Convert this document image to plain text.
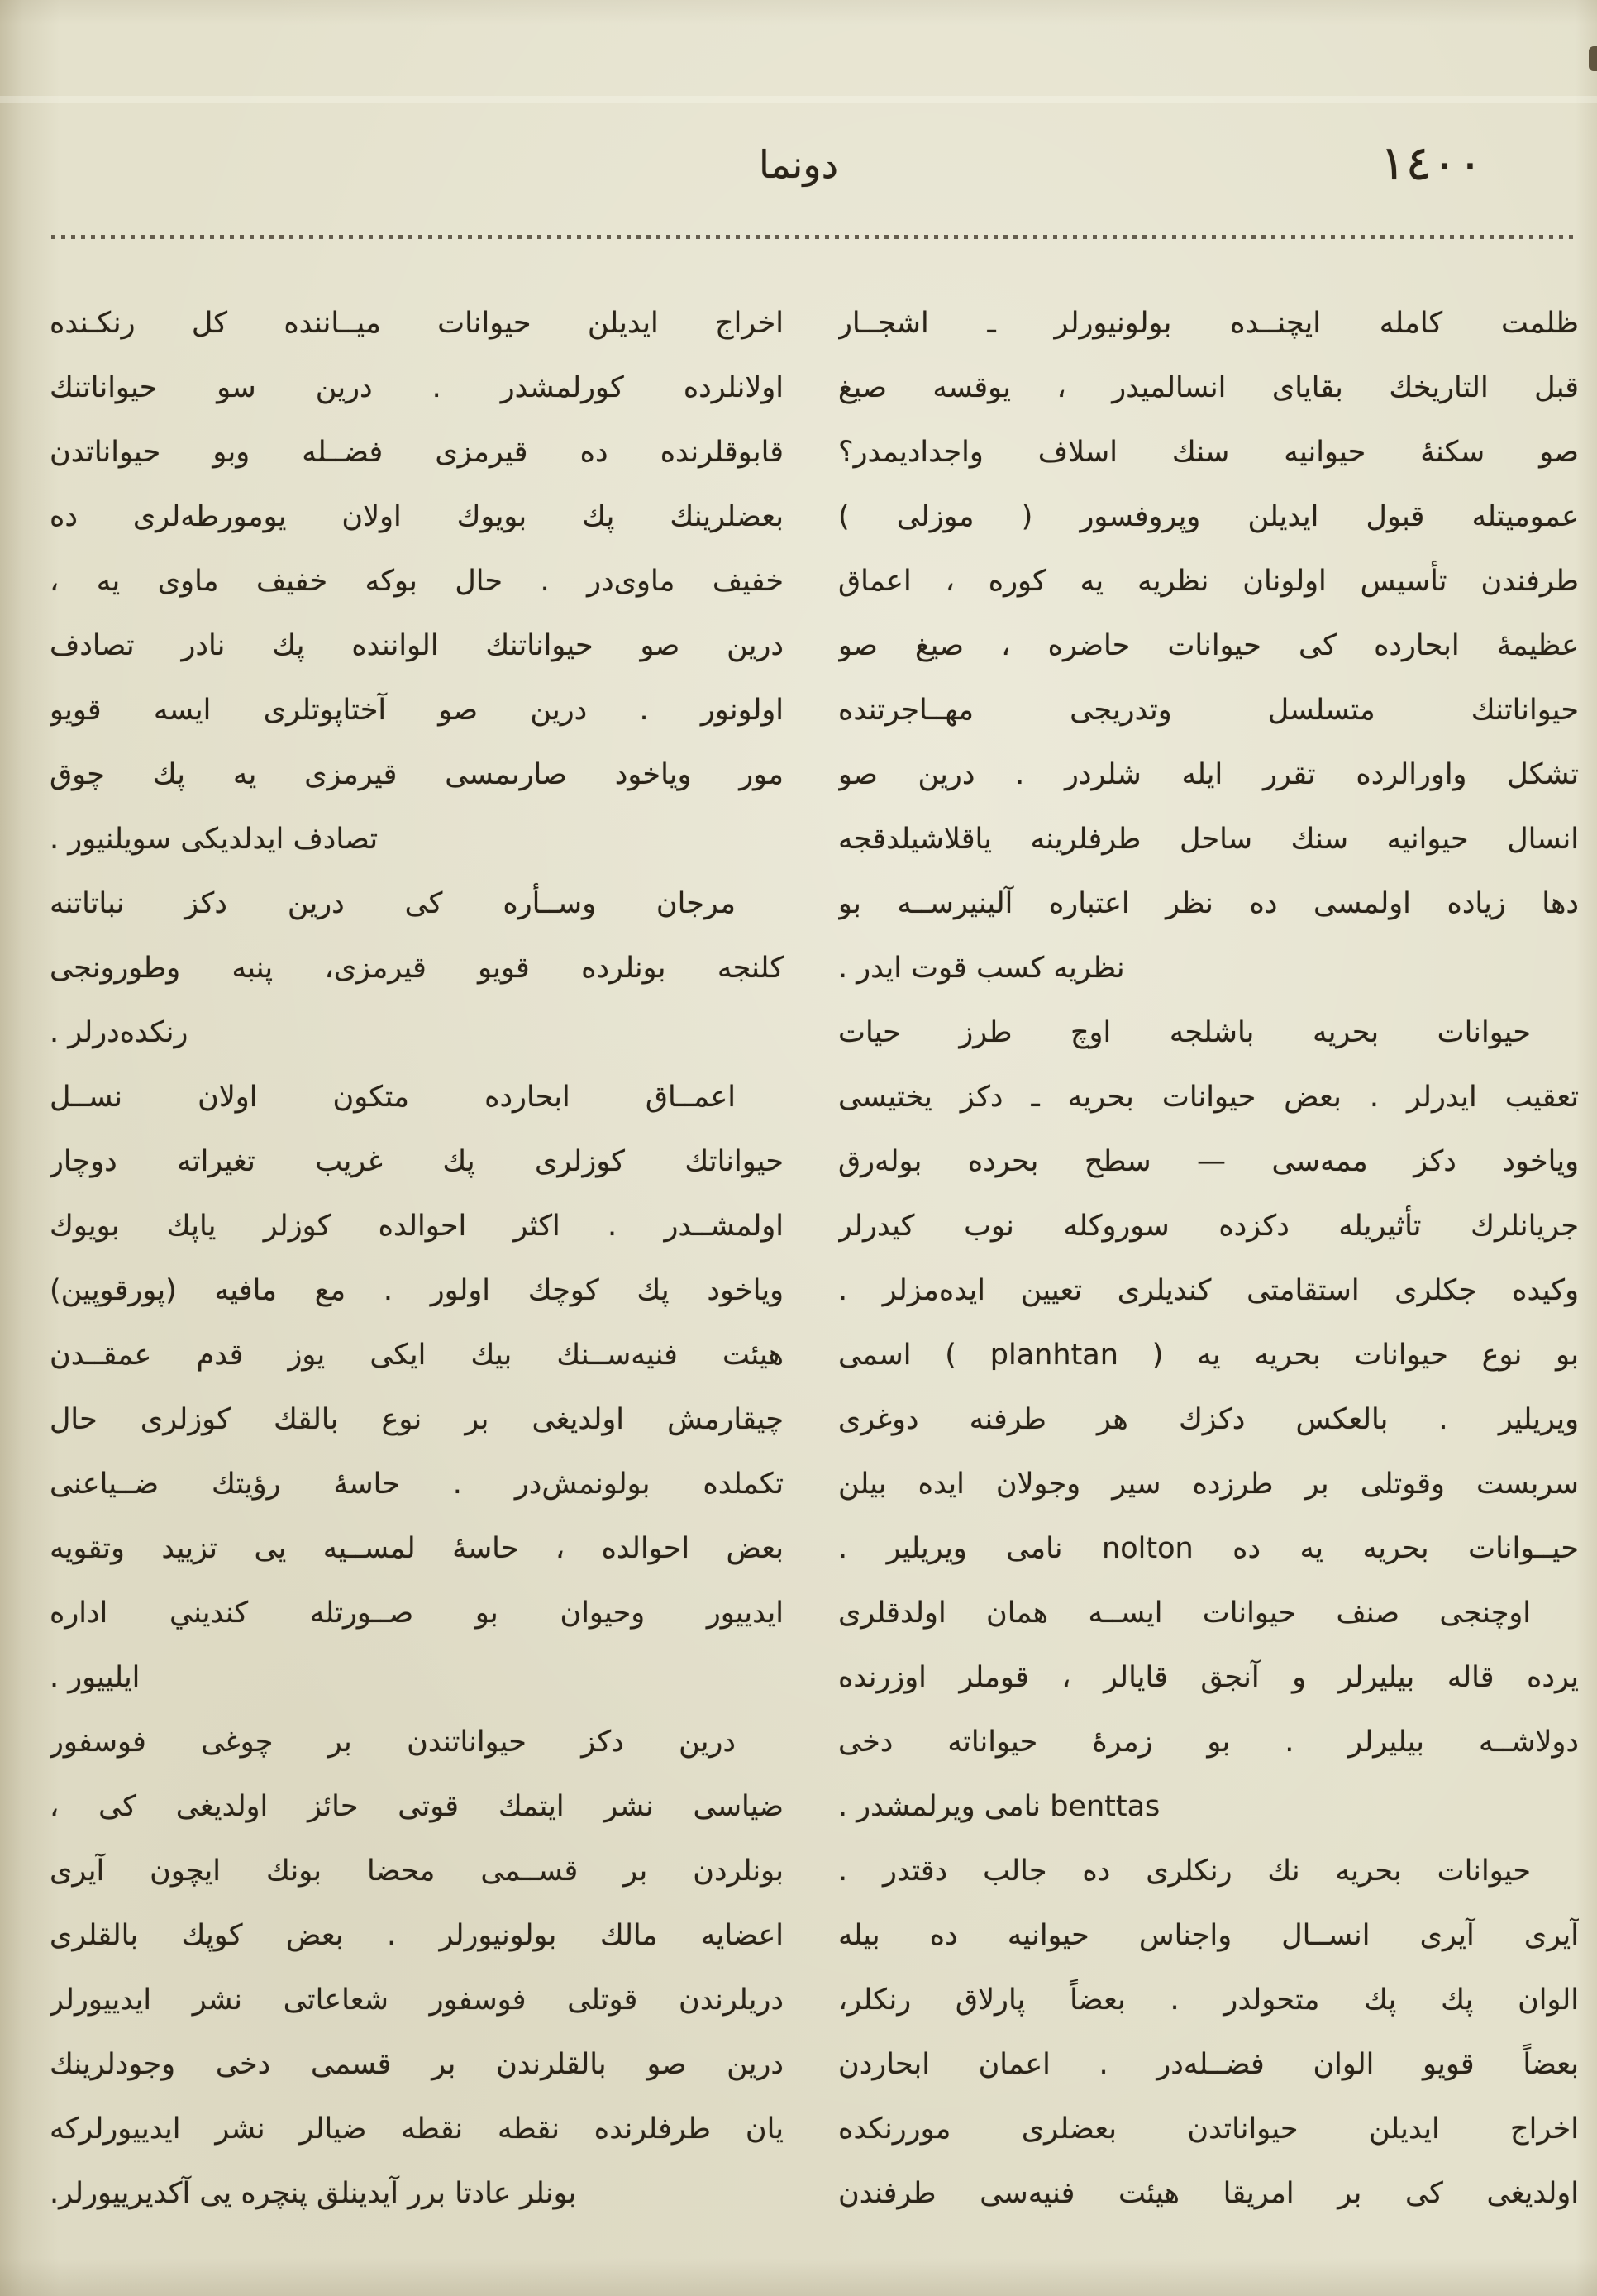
دونما	١٤٠٠
اخراج ايديلن حيوانات ميــاننده كل رنكـنده
اولانلرده كورلمشدر . درين سو حيواناتنك
قابوقلرنده ده قيرمزى فضــله وبو حيواناتدن
بعضلرينك پك بويوك اولان يومورطه‌لرى ده
خفيف ماوى‌در . حال بوكه خفيف ماوى يه ،
درين صو حيواناتنك الواننده پك نادر تصادف
اولونور . درين صو آختاپوتلرى ايسه قويو
مور وياخود صارىمسى قيرمزى يه پك چوق
تصادف ايدلديكى سويلنيور .
مرجان وســأره كى درين دكز نباتاتنه
كلنجه بونلرده قويو قيرمزى، پنبه وطورونجى
رنكده‌درلر .
اعمــاق ابحارده متكون اولان نســل
حيواناتك كوزلرى پك غريب تغيراته دوچار
اولمشــدر . اكثر احوالده كوزلر ياپك بويوك
وياخود پك كوچك اولور . مع مافيه (پورقوپين)
هيئت فنيه‌ســنك بيك ايكى يوز قدم عمقــدن
چيقارمش اولديغى بر نوع بالقك كوزلرى حال
تكملده بولونمش‌در . حاسهٔ رؤيتك ضــياعنى
بعض احوالده ، حاسهٔ لمســيه يى تزييد وتقويه
ايدييور وحيوان بو صــورتله كنديني اداره
ايلييور .
درين دكز حيواناتندن بر چوغى فوسفور
ضياسى نشر ايتمك قوتى حائز اولديغى كى ،
بونلردن بر قســمى محضا بونك ايچون آيرى
اعضايه مالك بولونيورلر . بعض كوپك بالقلرى
دريلرندن قوتلى فوسفور شعاعاتى نشر ايدييورلر
درين صو بالقلرندن بر قسمى دخى وجودلرينك
يان طرفلرنده نقطه نقطه ضيالر نشر ايدييورلركه
بونلر عادتا برر آيدينلق پنچره يى آكديرييورلر.
ظلمت كامله ايچنــده بولونيورلر ـ اشجــار
قبل التاريخك بقاياى انسالميدر ، يوقسه صيغ
صو سكنهٔ حيوانيه سنك اسلاف واجداديمدر؟
عموميتله قبول ايديلن وپروفسور ( موزلى )
طرفندن تأسيس اولونان نظريه يه كوره ، اعماق
عظيمهٔ ابحارده كى حيوانات حاضره ، صيغ صو
حيواناتنك متسلسل وتدريجى مهــاجرتنده
تشكل واورالرده تقرر ايله شلردر . درين صو
انسال حيوانيه سنك ساحل طرفلرينه ياقلاشيلدقجه
دها زياده اولمسى ده نظر اعتباره آلينيرســه بو
نظريه كسب قوت ايدر .
حيوانات بحريه باشلجه اوچ طرز حيات
تعقيب ايدرلر . بعض حيوانات بحريه ـ دكز يختيسى
وياخود دكز ممه‌سى — سطح بحرده بوله‌رق
جريانلرك تأثيريله دكزده سوروكله نوب كيدرلر
وكيده جكلرى استقامتى كنديلرى تعيين ايده‌مزلر .
بو نوع حيوانات بحريه يه ( planhtan ) اسمى
ويريلير . بالعكس دكزك هر طرفنه دوغرى
سربست وقوتلى بر طرزده سير وجولان ايده بيلن
حيــوانات بحريه يه ده nolton نامى ويريلير .
اوچنجى صنف حيوانات ايســه همان اولدقلرى
يرده قاله بيليرلر و آنجق قايالر ، قوملر اوزرنده
دولاشــه بيليرلر . بو زمرهٔ حيواناته دخى
benttas نامى ويرلمشدر .
حيوانات بحريه نك رنكلرى ده جالب دقتدر .
آيرى آيرى انســال واجناس حيوانيه ده بيله
الوان پك پك متحولدر . بعضاً پارلاق رنكلر،
بعضاً قويو الوان فضــله‌در . اعمان ابحاردن
اخراج ايديلن حيواناتدن بعضلرى موررنكده
اولديغى كى بر امريقا هيئت فنيه‌سى طرفندن
